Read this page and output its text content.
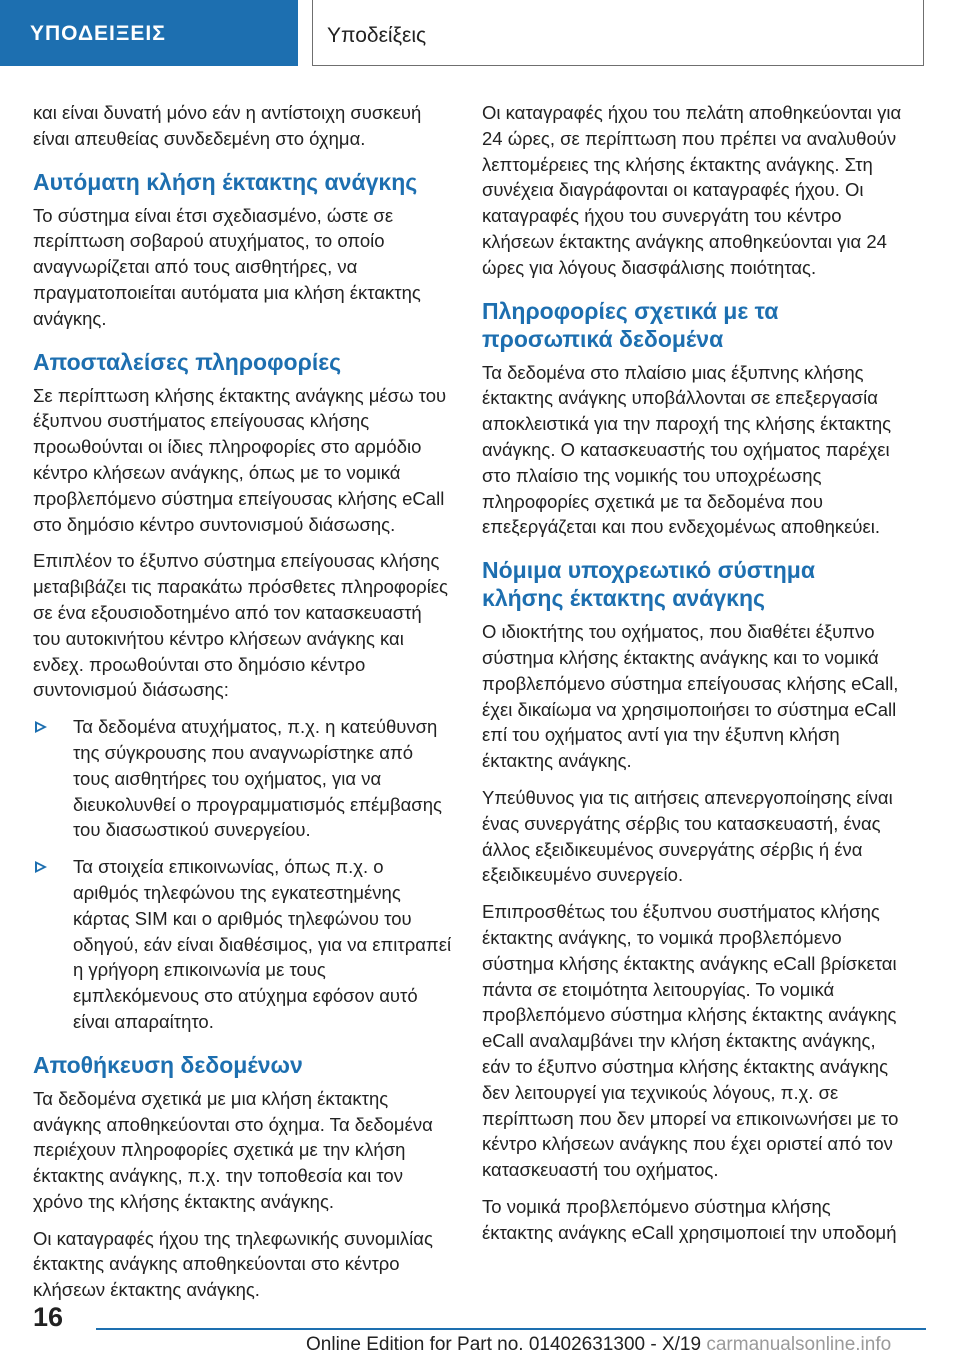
ΥΠΟΔΕΙΞΕΙΣ	Υποδείξεις

και είναι δυνατή μόνο εάν η αντίστοιχη συσκευή είναι απευθείας συνδεδεμένη στο όχημα.

Αυτόματη κλήση έκτακτης ανάγκης

Το σύστημα είναι έτσι σχεδιασμένο, ώστε σε περίπτωση σοβαρού ατυχήματος, το οποίο αναγνωρίζεται από τους αισθητήρες, να πραγματοποιείται αυτόματα μια κλήση έκτακτης ανάγκης.

Αποσταλείσες πληροφορίες

Σε περίπτωση κλήσης έκτακτης ανάγκης μέσω του έξυπνου συστήματος επείγουσας κλήσης προωθούνται οι ίδιες πληροφορίες στο αρμόδιο κέντρο κλήσεων ανάγκης, όπως με το νομικά προβλεπόμενο σύστημα επείγουσας κλήσης eCall στο δημόσιο κέντρο συντονισμού διάσωσης.

Επιπλέον το έξυπνο σύστημα επείγουσας κλήσης μεταβιβάζει τις παρακάτω πρόσθετες πληροφορίες σε ένα εξουσιοδοτημένο από τον κατασκευαστή του αυτοκινήτου κέντρο κλήσεων ανάγκης και ενδεχ. προωθούνται στο δημόσιο κέντρο συντονισμού διάσωσης:

Τα δεδομένα ατυχήματος, π.χ. η κατεύθυνση της σύγκρουσης που αναγνωρίστηκε από τους αισθητήρες του οχήματος, για να διευκολυνθεί ο προγραμματισμός επέμβασης του διασωστικού συνεργείου.
Τα στοιχεία επικοινωνίας, όπως π.χ. ο αριθμός τηλεφώνου της εγκατεστημένης κάρτας SIM και ο αριθμός τηλεφώνου του οδηγού, εάν είναι διαθέσιμος, για να επιτραπεί η γρήγορη επικοινωνία με τους εμπλεκόμενους στο ατύχημα εφόσον αυτό είναι απαραίτητο.
Αποθήκευση δεδομένων

Τα δεδομένα σχετικά με μια κλήση έκτακτης ανάγκης αποθηκεύονται στο όχημα. Τα δεδομένα περιέχουν πληροφορίες σχετικά με την κλήση έκτακτης ανάγκης, π.χ. την τοποθεσία και τον χρόνο της κλήσης έκτακτης ανάγκης.

Οι καταγραφές ήχου της τηλεφωνικής συνομιλίας έκτακτης ανάγκης αποθηκεύονται στο κέντρο κλήσεων έκτακτης ανάγκης.

Οι καταγραφές ήχου του πελάτη αποθηκεύονται για 24 ώρες, σε περίπτωση που πρέπει να αναλυθούν λεπτομέρειες της κλήσης έκτακτης ανάγκης. Στη συνέχεια διαγράφονται οι καταγραφές ήχου. Οι καταγραφές ήχου του συνεργάτη του κέντρο κλήσεων έκτακτης ανάγκης αποθηκεύονται για 24 ώρες για λόγους διασφάλισης ποιότητας.

Πληροφορίες σχετικά με τα προσωπικά δεδομένα

Τα δεδομένα στο πλαίσιο μιας έξυπνης κλήσης έκτακτης ανάγκης υποβάλλονται σε επεξεργασία αποκλειστικά για την παροχή της κλήσης έκτακτης ανάγκης. Ο κατασκευαστής του οχήματος παρέχει στο πλαίσιο της νομικής του υποχρέωσης πληροφορίες σχετικά με τα δεδομένα που επεξεργάζεται και που ενδεχομένως αποθηκεύει.

Νόμιμα υποχρεωτικό σύστημα κλήσης έκτακτης ανάγκης

Ο ιδιοκτήτης του οχήματος, που διαθέτει έξυπνο σύστημα κλήσης έκτακτης ανάγκης και το νομικά προβλεπόμενο σύστημα επείγουσας κλήσης eCall, έχει δικαίωμα να χρησιμοποιήσει το σύστημα eCall επί του οχήματος αντί για την έξυπνη κλήση έκτακτης ανάγκης.

Υπεύθυνος για τις αιτήσεις απενεργοποίησης είναι ένας συνεργάτης σέρβις του κατασκευαστή, ένας άλλος εξειδικευμένος συνεργάτης σέρβις ή ένα εξειδικευμένο συνεργείο.

Επιπροσθέτως του έξυπνου συστήματος κλήσης έκτακτης ανάγκης, το νομικά προβλεπόμενο σύστημα κλήσης έκτακτης ανάγκης eCall βρίσκεται πάντα σε ετοιμότητα λειτουργίας. Το νομικά προβλεπόμενο σύστημα κλήσης έκτακτης ανάγκης eCall αναλαμβάνει την κλήση έκτακτης ανάγκης, εάν το έξυπνο σύστημα κλήσης έκτακτης ανάγκης δεν λειτουργεί για τεχνικούς λόγους, π.χ. σε περίπτωση που δεν μπορεί να επικοινωνήσει με το κέντρο κλήσεων ανάγκης που έχει οριστεί από τον κατασκευαστή του οχήματος.

Το νομικά προβλεπόμενο σύστημα κλήσης έκτακτης ανάγκης eCall χρησιμοποιεί την υποδομή

16
Online Edition for Part no. 01402631300 - X/19 carmanualsonline.info
